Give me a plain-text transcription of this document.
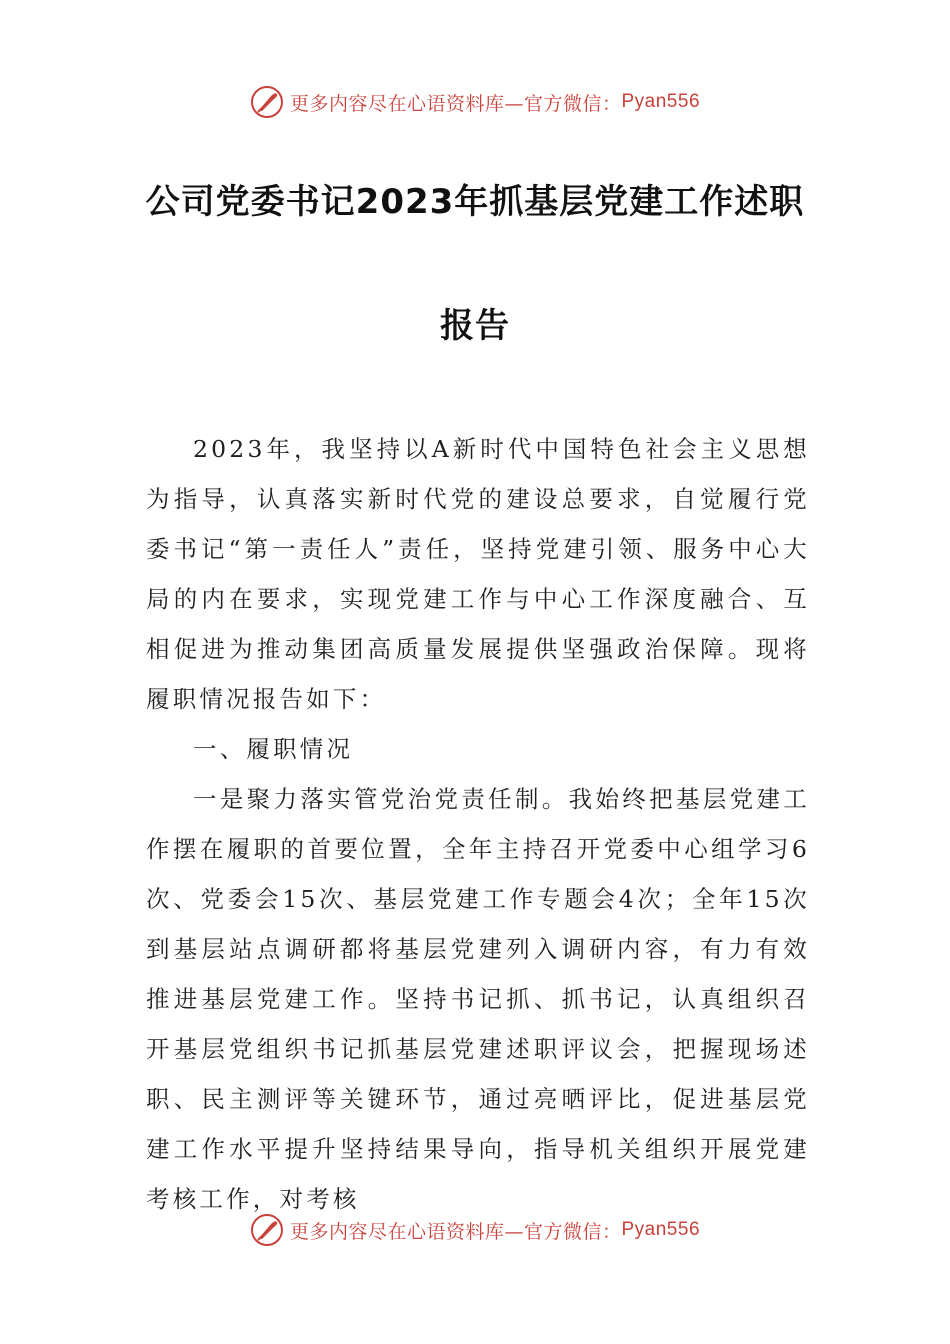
更多内容尽在心语资料库—官方微信： Pyan556
公司党委书记2023年抓基层党建工作述职
报告

2023年，我坚持以A新时代中国特色社会主义思想为指导，认真落实新时代党的建设总要求，自觉履行党委书记“第一责任人”责任，坚持党建引领、服务中心大局的内在要求，实现党建工作与中心工作深度融合、互相促进为推动集团高质量发展提供坚强政治保障。现将履职情况报告如下：

一、履职情况

一是聚力落实管党治党责任制。我始终把基层党建工作摆在履职的首要位置，全年主持召开党委中心组学习6次、党委会15次、基层党建工作专题会4次；全年15次到基层站点调研都将基层党建列入调研内容，有力有效推进基层党建工作。坚持书记抓、抓书记，认真组织召开基层党组织书记抓基层党建述职评议会，把握现场述职、民主测评等关键环节，通过亮晒评比，促进基层党建工作水平提升坚持结果导向，指导机关组织开展党建考核工作，对考核

更多内容尽在心语资料库—官方微信： Pyan556
